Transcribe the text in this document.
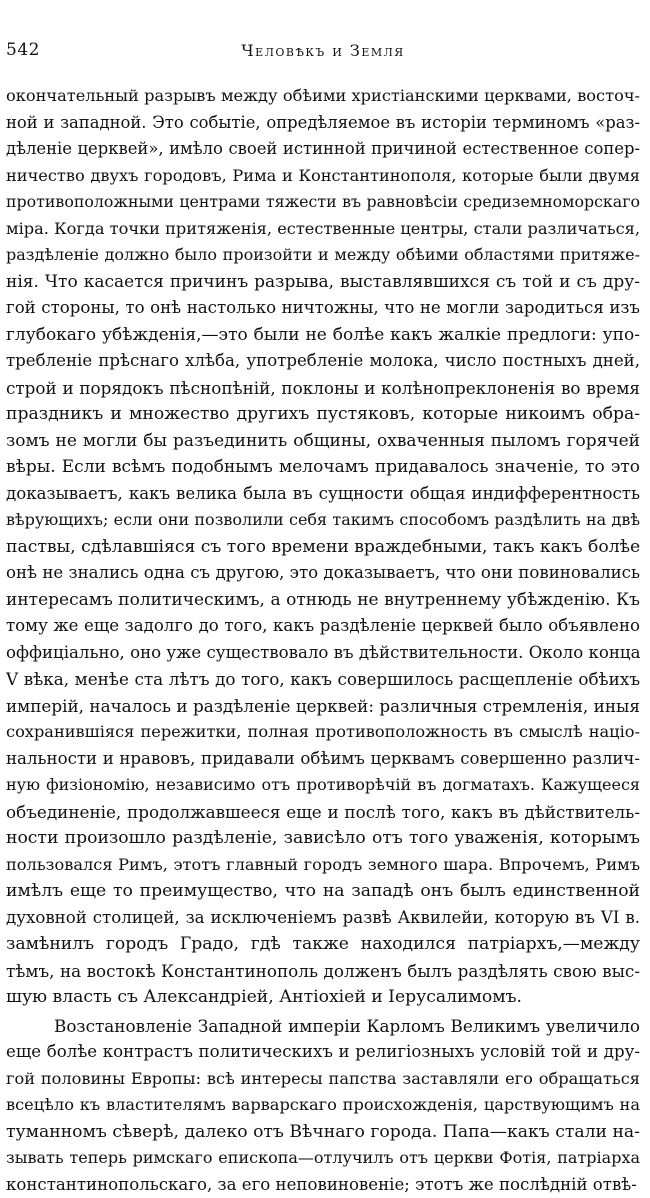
542	Человѣкъ и Земля
окончательный разрывъ между обѣими христіанскими церквами, восточ-
ной и западной. Это событіе, опредѣляемое въ исторіи терминомъ «раз-
дѣленіе церквей», имѣло своей истинной причиной естественное сопер-
ничество двухъ городовъ, Рима и Константинополя, которые были двумя
противоположными центрами тяжести въ равновѣсіи средиземноморскаго
міра. Когда точки притяженія, естественные центры, стали различаться,
раздѣленіе должно было произойти и между обѣими областями притяже-
нія. Что касается причинъ разрыва, выставлявшихся съ той и съ дру-
гой стороны, то онѣ настолько ничтожны, что не могли зародиться изъ
глубокаго убѣжденія,—это были не болѣе какъ жалкіе предлоги: упо-
требленіе прѣснаго хлѣба, употребленіе молока, число постныхъ дней,
строй и порядокъ пѣснопѣній, поклоны и колѣнопреклоненія во время
праздникъ и множество другихъ пустяковъ, которые никоимъ обра-
зомъ не могли бы разъединить общины, охваченныя пыломъ горячей
вѣры. Если всѣмъ подобнымъ мелочамъ придавалось значеніе, то это
доказываетъ, какъ велика была въ сущности общая индифферентность
вѣрующихъ; если они позволили себя такимъ способомъ раздѣлить на двѣ
паствы, сдѣлавшіяся съ того времени враждебными, такъ какъ болѣе
онѣ не знались одна съ другою, это доказываетъ, что они повиновались
интересамъ политическимъ, а отнюдь не внутреннему убѣжденію. Къ
тому же еще задолго до того, какъ раздѣленіе церквей было объявлено
оффиціально, оно уже существовало въ дѣйствительности. Около конца
V вѣка, менѣе ста лѣтъ до того, какъ совершилось расщепленіе обѣихъ
имперій, началось и раздѣленіе церквей: различныя стремленія, иныя
сохранившіяся пережитки, полная противоположность въ смыслѣ націо-
нальности и нравовъ, придавали обѣимъ церквамъ совершенно различ-
ную физіономію, независимо отъ противорѣчій въ догматахъ. Кажущееся
объединеніе, продолжавшееся еще и послѣ того, какъ въ дѣйствитель-
ности произошло раздѣленіе, зависѣло отъ того уваженія, которымъ
пользовался Римъ, этотъ главный городъ земного шара. Впрочемъ, Римъ
имѣлъ еще то преимущество, что на западѣ онъ былъ единственной
духовной столицей, за исключеніемъ развѣ Аквилейи, которую въ VI в.
замѣнилъ городъ Градо, гдѣ также находился патріархъ,—между
тѣмъ, на востокѣ Константинополь долженъ былъ раздѣлять свою выс-
шую власть съ Александріей, Антіохіей и Іерусалимомъ.
Возстановленіе Западной имперіи Карломъ Великимъ увеличило
еще болѣе контрастъ политическихъ и религіозныхъ условій той и дру-
гой половины Европы: всѣ интересы папства заставляли его обращаться
всецѣло къ властителямъ варварскаго происхожденія, царствующимъ на
туманномъ сѣверѣ, далеко отъ Вѣчнаго города. Папа—какъ стали на-
зывать теперь римскаго епископа—отлучилъ отъ церкви Фотія, патріарха
константинопольскаго, за его неповиновеніе; этотъ же послѣдній отвѣ-
